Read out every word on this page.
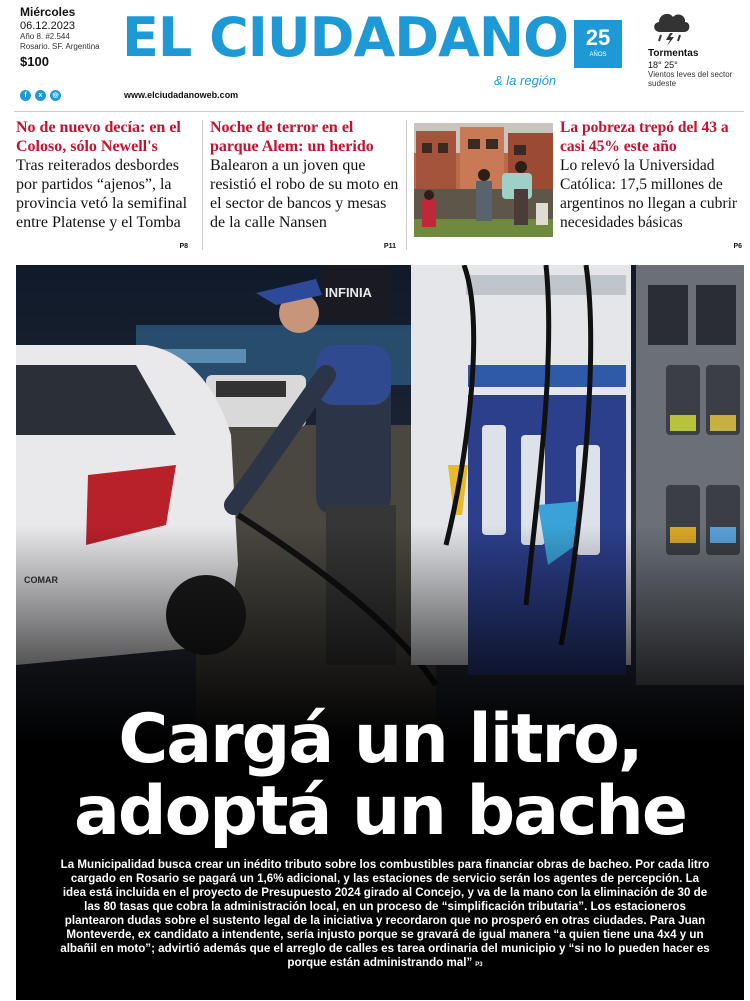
Miércoles
06.12.2023
Año 8. #2.544
Rosario. SF. Argentina
$100
f	x	◎
EL CIUDADANO 25
AÑOS
& la región
www.elciudadanoweb.com
Tormentas
18° 25°
Vientos leves del sector sudeste
No de nuevo decía: en el Coloso, sólo Newell's

Tras reiterados desbordes por partidos “ajenos”, la provincia vetó la semifinal entre Platense y el Tomba

P8
Noche de terror en el parque Alem: un herido

Balearon a un joven que resistió el robo de su moto en el sector de bancos y mesas de la calle Nansen

P11
La pobreza trepó del 43 a casi 45% este año

Lo relevó la Universidad Católica: 17,5 millones de argentinos no llegan a cubrir necesidades básicas

P6
INFINIA
Cargá un litro,
adoptá un bache

La Municipalidad busca crear un inédito tributo sobre los combustibles para financiar obras de bacheo. Por cada litro cargado en Rosario se pagará un 1,6% adicional, y las estaciones de servicio serán los agentes de percepción. La idea está incluida en el proyecto de Presupuesto 2024 girado al Concejo, y va de la mano con la eliminación de 30 de las 80 tasas que cobra la administración local, en un proceso de “simplificación tributaria”. Los estacioneros plantearon dudas sobre el sustento legal de la iniciativa y recordaron que no prosperó en otras ciudades. Para Juan Monteverde, ex candidato a intendente, sería injusto porque se gravará de igual manera “a quien tiene una 4x4 y un albañil en moto”; advirtió además que el arreglo de calles es tarea ordinaria del municipio y “si no lo pueden hacer es porque están administrando mal” P3
